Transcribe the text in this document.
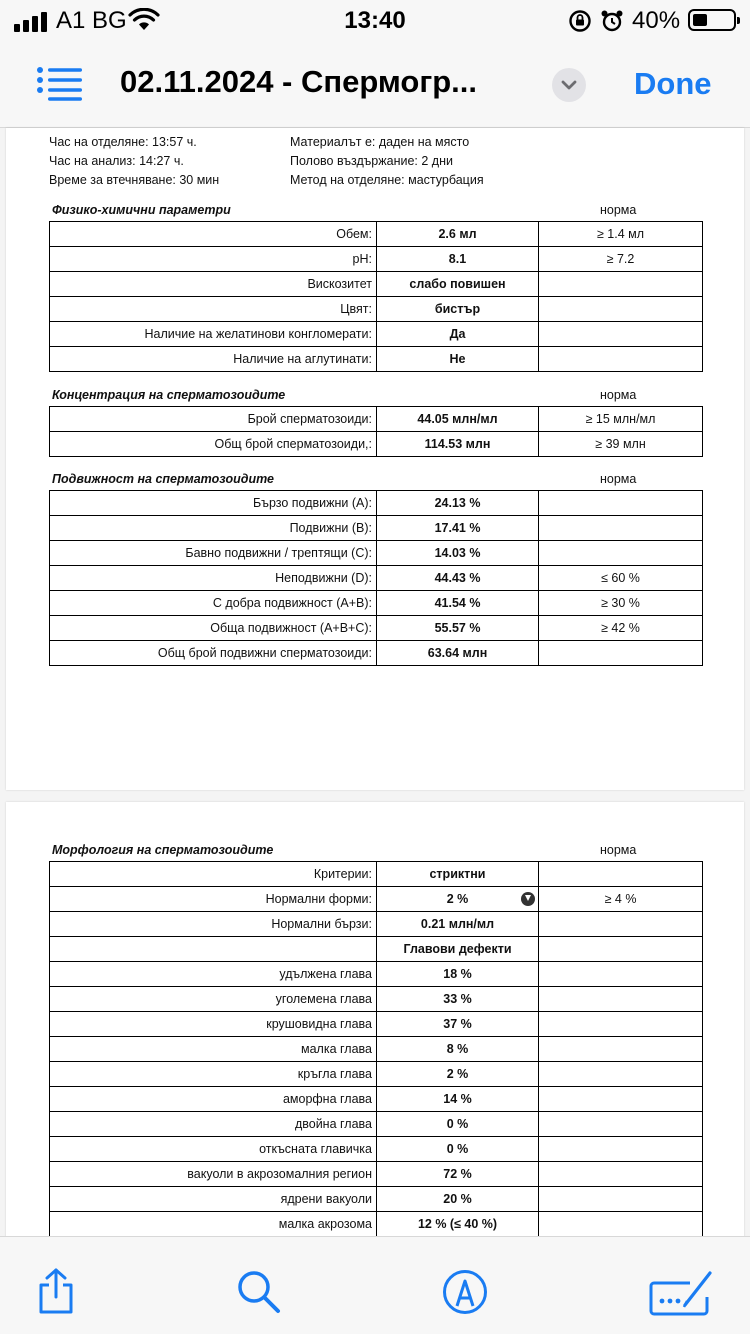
A1 BG	13:40	40%
02.11.2024 - Спермогр...	Done
Час на отделяне: 13:57 ч.
Час на анализ: 14:27 ч.
Време за втечняване: 30 мин
Материалът е: даден на място
Полово въздържание: 2 дни
Метод на отделяне: мастурбация
Физико-химични параметри	норма
Обем:	2.6 мл	≥ 1.4 мл
pH:	8.1	≥ 7.2
Вискозитет	слабо повишен	
Цвят:	бистър	
Наличие на желатинови конгломерати:	Да	
Наличие на аглутинати:	Не	
Концентрация на сперматозоидите	норма
Брой сперматозоиди:	44.05 млн/мл	≥ 15 млн/мл
Общ брой сперматозоиди,:	114.53 млн	≥ 39 млн
Подвижност на сперматозоидите	норма
Бързо подвижни (А):	24.13 %	
Подвижни (В):	17.41 %	
Бавно подвижни / трептящи (С):	14.03 %	
Неподвижни (D):	44.43 %	≤ 60 %
С добра подвижност (А+В):	41.54 %	≥ 30 %
Обща подвижност (А+В+С):	55.57 %	≥ 42 %
Общ брой подвижни сперматозоиди:	63.64 млн	
Морфология на сперматозоидите	норма
Критерии:	стриктни	
Нормални форми:	2 %	≥ 4 %
Нормални бързи:	0.21 млн/мл	
	Главови дефекти	
удължена глава	18 %	
уголемена глава	33 %	
крушовидна глава	37 %	
малка глава	8 %	
кръгла глава	2 %	
аморфна глава	14 %	
двойна глава	0 %	
откъсната главичка	0 %	
вакуоли в акрозомалния регион	72 %	
ядрени вакуоли	20 %	
малка акрозома	12 % (≤ 40 %)	
